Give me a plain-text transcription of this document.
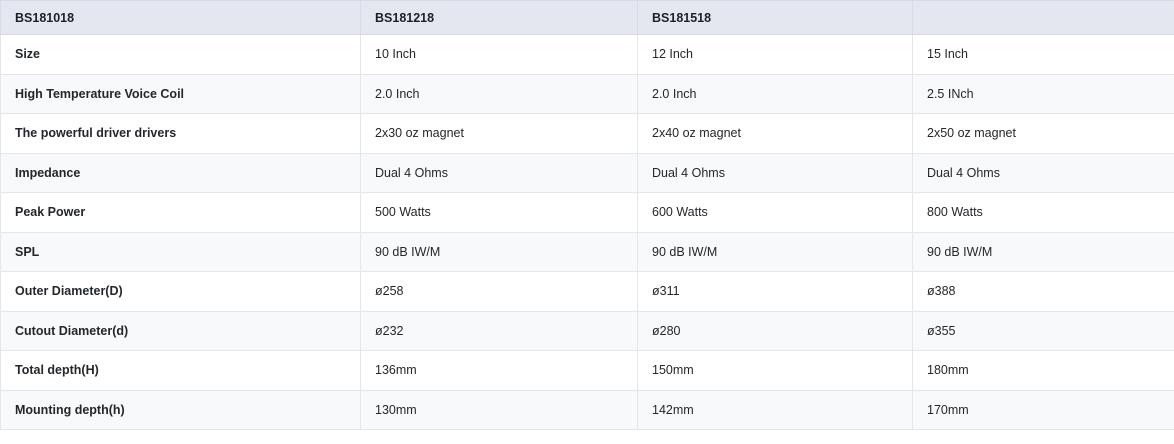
BS181018	BS181218	BS181518	
Size	10 Inch	12 Inch	15 Inch
High Temperature Voice Coil	2.0 Inch	2.0 Inch	2.5 INch
The powerful driver drivers	2x30 oz magnet	2x40 oz magnet	2x50 oz magnet
Impedance	Dual 4 Ohms	Dual 4 Ohms	Dual 4 Ohms
Peak Power	500 Watts	600 Watts	800 Watts
SPL	90 dB IW/M	90 dB IW/M	90 dB IW/M
Outer Diameter(D)	ø258	ø311	ø388
Cutout Diameter(d)	ø232	ø280	ø355
Total depth(H)	136mm	150mm	180mm
Mounting depth(h)	130mm	142mm	170mm
